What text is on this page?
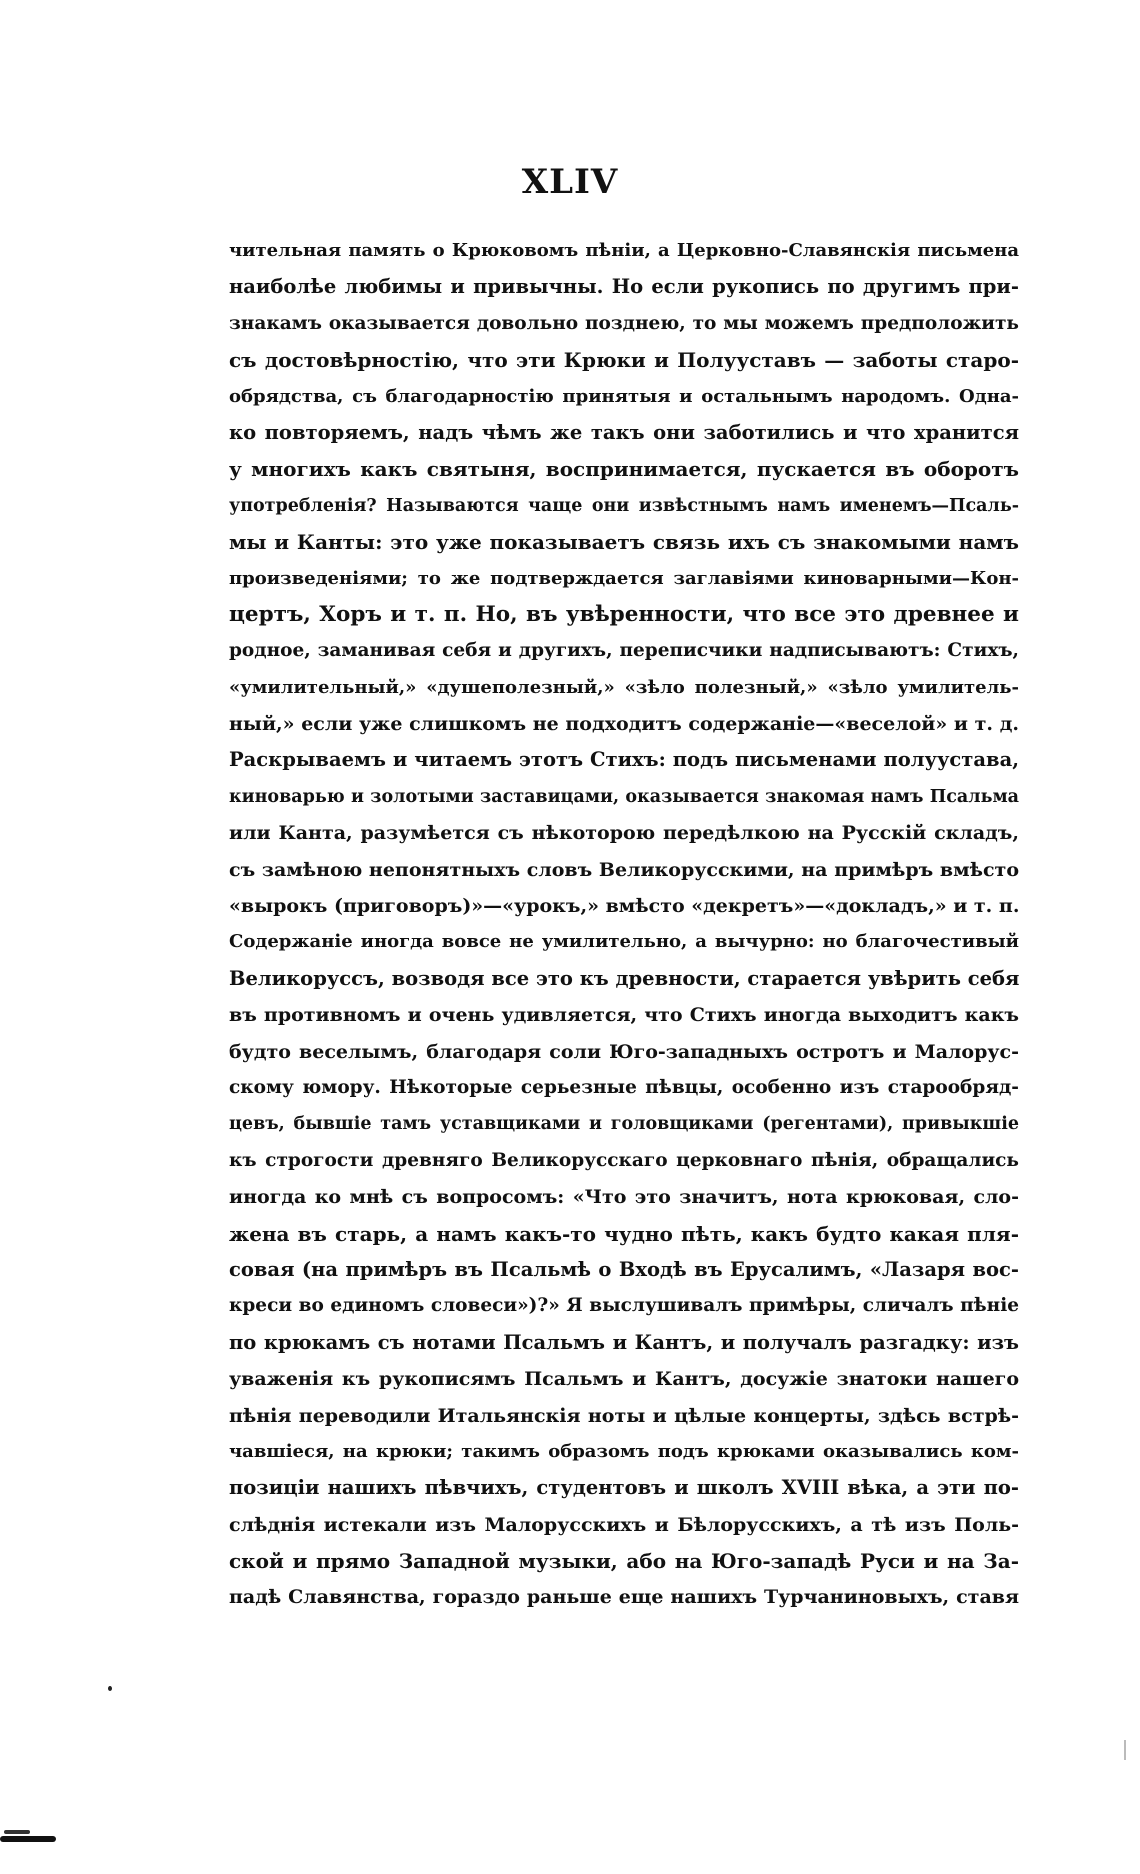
XLIV
чительная память о Крюковомъ пѣніи, а Церковно-Славянскія письмена
наиболѣе любимы и привычны. Но если рукопись по другимъ при-
знакамъ оказывается довольно позднею, то мы можемъ предположить
съ достовѣрностію, что эти Крюки и Полууставъ — заботы старо-
обрядства, съ благодарностію принятыя и остальнымъ народомъ. Одна-
ко повторяемъ, надъ чѣмъ же такъ они заботились и что хранится
у многихъ какъ святыня, воспринимается, пускается въ оборотъ
употребленія? Называются чаще они извѣстнымъ намъ именемъ—Псаль-
мы и Канты: это уже показываетъ связь ихъ съ знакомыми намъ
произведеніями; то же подтверждается заглавіями киноварными—Кон-
цертъ, Хоръ и т. п. Но, въ увѣренности, что все это древнее и
родное, заманивая себя и другихъ, переписчики надписываютъ: Стихъ,
«умилительный,» «душеполезный,» «зѣло полезный,» «зѣло умилитель-
ный,» если уже слишкомъ не подходитъ содержаніе—«веселой» и т. д.
Раскрываемъ и читаемъ этотъ Стихъ: подъ письменами полуустава,
киноварью и золотыми заставицами, оказывается знакомая намъ Псальма
или Канта, разумѣется съ нѣкоторою передѣлкою на Русскій складъ,
съ замѣною непонятныхъ словъ Великорусскими, на примѣръ вмѣсто
«вырокъ (приговоръ)»—«урокъ,» вмѣсто «декретъ»—«докладъ,» и т. п.
Содержаніе иногда вовсе не умилительно, а вычурно: но благочестивый
Великоруссъ, возводя все это къ древности, старается увѣрить себя
въ противномъ и очень удивляется, что Стихъ иногда выходитъ какъ
будто веселымъ, благодаря соли Юго-западныхъ остротъ и Малорус-
скому юмору. Нѣкоторые серьезные пѣвцы, особенно изъ старообряд-
цевъ, бывшіе тамъ уставщиками и головщиками (регентами), привыкшіе
къ строгости древняго Великорусскаго церковнаго пѣнія, обращались
иногда ко мнѣ съ вопросомъ: «Что это значитъ, нота крюковая, сло-
жена въ старь, а намъ какъ-то чудно пѣть, какъ будто какая пля-
совая (на примѣръ въ Псальмѣ о Входѣ въ Ерусалимъ, «Лазаря вос-
креси во единомъ словеси»)?» Я выслушивалъ примѣры, сличалъ пѣніе
по крюкамъ съ нотами Псальмъ и Кантъ, и получалъ разгадку: изъ
уваженія къ рукописямъ Псальмъ и Кантъ, досужіе знатоки нашего
пѣнія переводили Итальянскія ноты и цѣлые концерты, здѣсь встрѣ-
чавшіеся, на крюки; такимъ образомъ подъ крюками оказывались ком-
позиціи нашихъ пѣвчихъ, студентовъ и школъ XVIII вѣка, а эти по-
слѣднія истекали изъ Малорусскихъ и Бѣлорусскихъ, а тѣ изъ Поль-
ской и прямо Западной музыки, або на Юго-западѣ Руси и на За-
падѣ Славянства, гораздо раньше еще нашихъ Турчаниновыхъ, ставя
